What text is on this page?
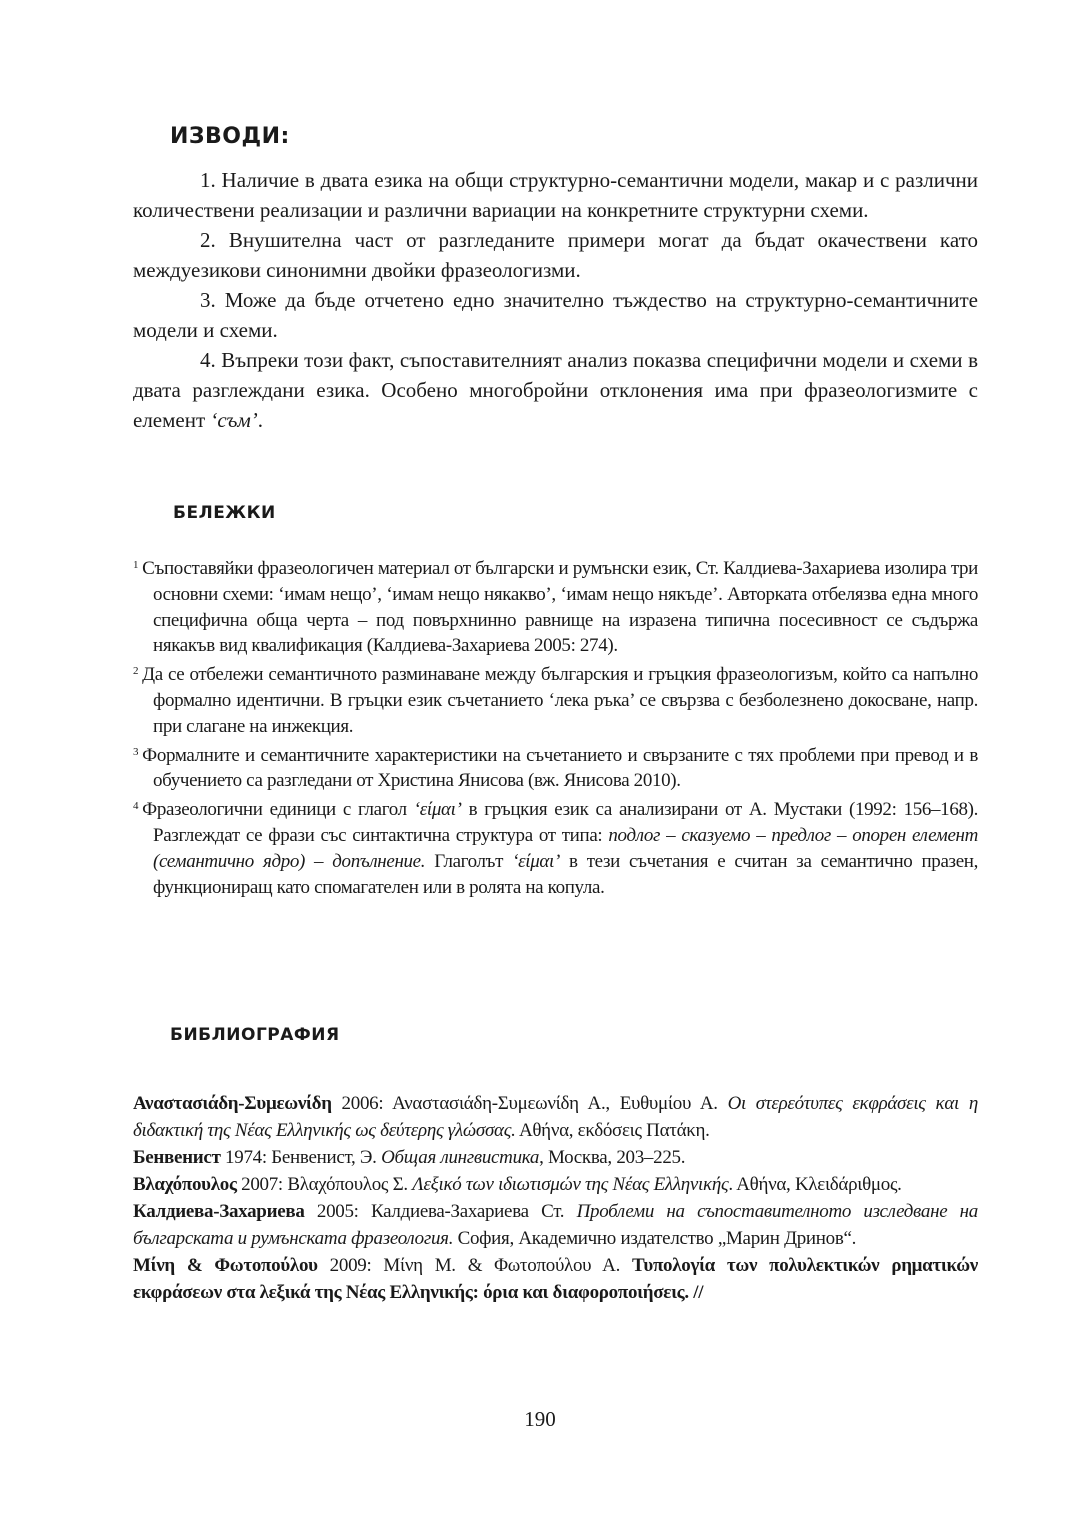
ИЗВОДИ:

1. Наличие в двата езика на общи структурно-семантични модели, макар и с различни количествени реализации и различни вариации на конкретните структурни схеми.

2. Внушителна част от разгледаните примери могат да бъдат окачествени като междуезикови синонимни двойки фразеологизми.

3. Може да бъде отчетено едно значително тъждество на структурно-семантичните модели и схеми.

4. Въпреки този факт, съпоставителният анализ показва специфични модели и схеми в двата разглеждани езика. Особено многобройни отклонения има при фразеологизмите с елемент ‘съм’.

БЕЛЕЖКИ

$^1$ Съпоставяйки фразеологичен материал от български и румънски език, Ст. Калдиева-Захариева изолира три основни схеми: ‘имам нещо’, ‘имам нещо някакво’, ‘имам нещо някъде’. Авторката отбелязва една много специфична обща черта – под повърхнинно равнище на изразена типична посесивност се съдържа някакъв вид квалификация (Калдиева-Захариева 2005: 274).

$^2$ Да се отбележи семантичното разминаване между българския и гръцкия фразеологизъм, който са напълно формално идентични. В гръцки език съчетанието ‘лека ръка’ се свързва с безболезнено докосване, напр. при слагане на инжекция.

$^3$ Формалните и семантичните характеристики на съчетанието и свързаните с тях проблеми при превод и в обучението са разгледани от Христина Янисова (вж. Янисова 2010).

$^4$ Фразеологични единици с глагол ‘είμαι’ в гръцкия език са анализирани от А. Мустаки (1992: 156–168). Разглеждат се фрази със синтактична структура от типа: подлог – сказуемо – предлог – опорен елемент (семантично ядро) – допълнение. Глаголът ‘είμαι’ в тези съчетания е считан за семантично празен, функциониращ като спомагателен или в ролята на копула.

БИБЛИОГРАФИЯ

Αναστασιάδη-Συμεωνίδη 2006: Αναστασιάδη-Συμεωνίδη Α., Ευθυμίου Α. Οι στερεότυπες εκφράσεις και η διδακτική της Νέας Ελληνικής ως δεύτερης γλώσσας. Αθήνα, εκδόσεις Πατάκη.

Бенвенист 1974: Бенвенист, Э. Общая лингвистика, Москва, 203–225.

Βλαχόπουλος 2007: Βλαχόπουλος Σ. Λεξικό των ιδιωτισμών της Νέας Ελληνικής. Αθήνα, Κλειδάριθμος.

Калдиева-Захариева 2005: Калдиева-Захариева Ст. Проблеми на съпоставителното изследване на българската и румънската фразеология. София, Академично издателство „Марин Дринов“.

Μίνη & Φωτοπούλου 2009: Μίνη Μ. & Φωτοπούλου Α. Τυπολογία των πολυλεκτικών ρηματικών εκφράσεων στα λεξικά της Νέας Ελληνικής: όρια και διαφοροποιήσεις. //

190
